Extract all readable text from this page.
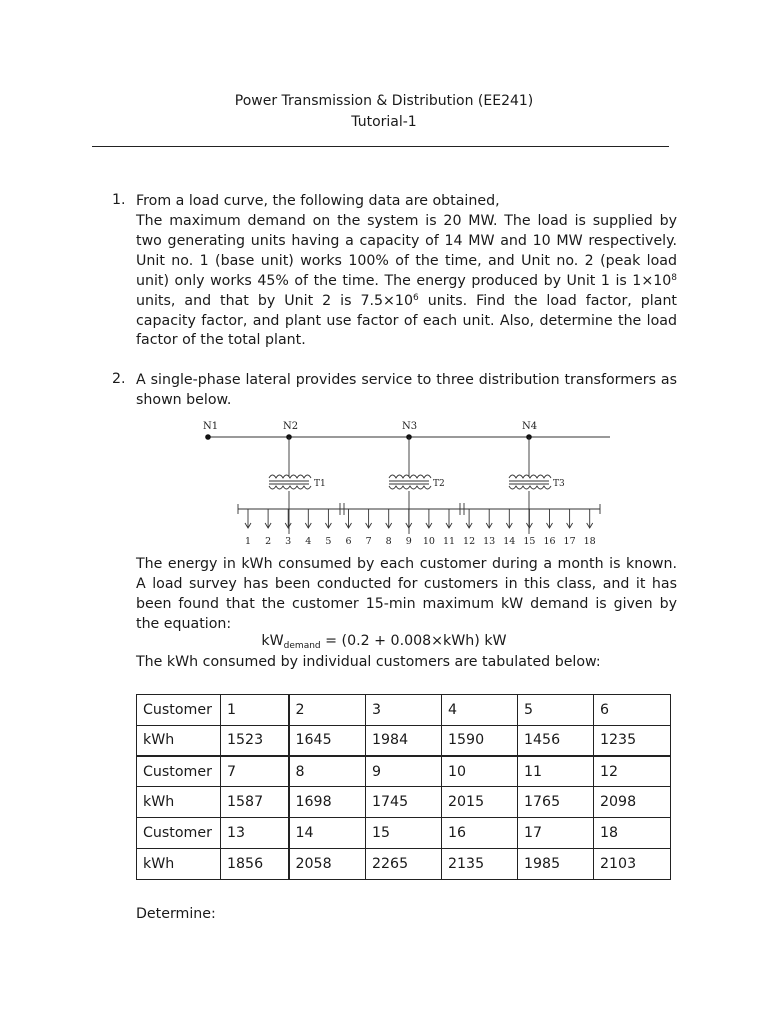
Power Transmission & Distribution (EE241)
Tutorial-1
1. From a load curve, the following data are obtained,
The maximum demand on the system is 20 MW. The load is supplied by two generating units having a capacity of 14 MW and 10 MW respectively. Unit no. 1 (base unit) works 100% of the time, and Unit no. 2 (peak load unit) only works 45% of the time. The energy produced by Unit 1 is $1\times 10^8$ units, and that by Unit 2 is $7.5\times 10^6$ units. Find the load factor, plant capacity factor, and plant use factor of each unit. Also, determine the load factor of the total plant.
2. A single-phase lateral provides service to three distribution transformers as shown below.
N1	N2	N3	N4
T1	T2	T3
1 2 3 4 5 6 7 8 9 10 11 12 13 14 15 16 17 18
The energy in kWh consumed by each customer during a month is known. A load survey has been conducted for customers in this class, and it has been found that the customer 15-min maximum kW demand is given by the equation:
$kW_{demand} = (0.2 + 0.008\times kWh)$ kW
The kWh consumed by individual customers are tabulated below:
Customer	1	2	3	4	5	6
kWh	1523	1645	1984	1590	1456	1235
Customer	7	8	9	10	11	12
kWh	1587	1698	1745	2015	1765	2098
Customer	13	14	15	16	17	18
kWh	1856	2058	2265	2135	1985	2103
Determine:
